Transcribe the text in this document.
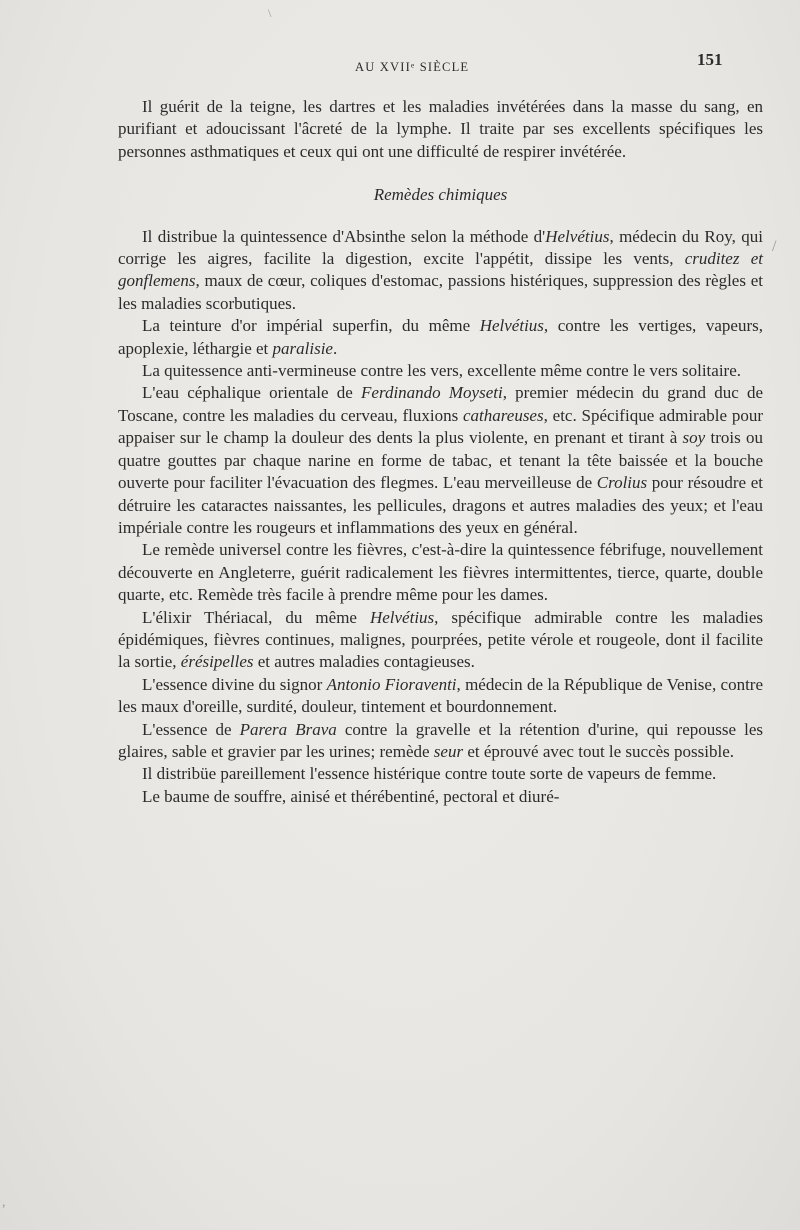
\
AU XVIIᵉ SIÈCLE	151

Il guérit de la teigne, les dartres et les maladies invétérées dans la masse du sang, en purifiant et adoucissant l'âcreté de la lymphe. Il traite par ses excellents spécifiques les personnes asthmatiques et ceux qui ont une difficulté de respirer invétérée.

Remèdes chimiques

Il distribue la quintessence d'Absinthe selon la méthode d'Helvétius, médecin du Roy, qui corrige les aigres, facilite la digestion, excite l'appétit, dissipe les vents, cruditez et gonflemens, maux de cœur, coliques d'estomac, passions histériques, suppression des règles et les maladies scorbutiques.

La teinture d'or impérial superfin, du même Helvétius, contre les vertiges, vapeurs, apoplexie, léthargie et paralisie.

La quitessence anti-vermineuse contre les vers, excellente même contre le vers solitaire.

L'eau céphalique orientale de Ferdinando Moyseti, premier médecin du grand duc de Toscane, contre les maladies du cerveau, fluxions cathareuses, etc. Spécifique admirable pour appaiser sur le champ la douleur des dents la plus violente, en prenant et tirant à soy trois ou quatre gouttes par chaque narine en forme de tabac, et tenant la tête baissée et la bouche ouverte pour faciliter l'évacuation des flegmes. L'eau merveilleuse de Crolius pour résoudre et détruire les cataractes naissantes, les pellicules, dragons et autres maladies des yeux; et l'eau impériale contre les rougeurs et inflammations des yeux en général.

Le remède universel contre les fièvres, c'est-à-dire la quintessence fébrifuge, nouvellement découverte en Angleterre, guérit radicalement les fièvres intermittentes, tierce, quarte, double quarte, etc. Remède très facile à prendre même pour les dames.

L'élixir Thériacal, du même Helvétius, spécifique admirable contre les maladies épidémiques, fièvres continues, malignes, pourprées, petite vérole et rougeole, dont il facilite la sortie, érésipelles et autres maladies contagieuses.

L'essence divine du signor Antonio Fioraventi, médecin de la République de Venise, contre les maux d'oreille, surdité, douleur, tintement et bourdonnement.

L'essence de Parera Brava contre la gravelle et la rétention d'urine, qui repousse les glaires, sable et gravier par les urines; remède seur et éprouvé avec tout le succès possible.

Il distribüe pareillement l'essence histérique contre toute sorte de vapeurs de femme.

Le baume de souffre, ainisé et thérébentiné, pectoral et diuré-

/
,
